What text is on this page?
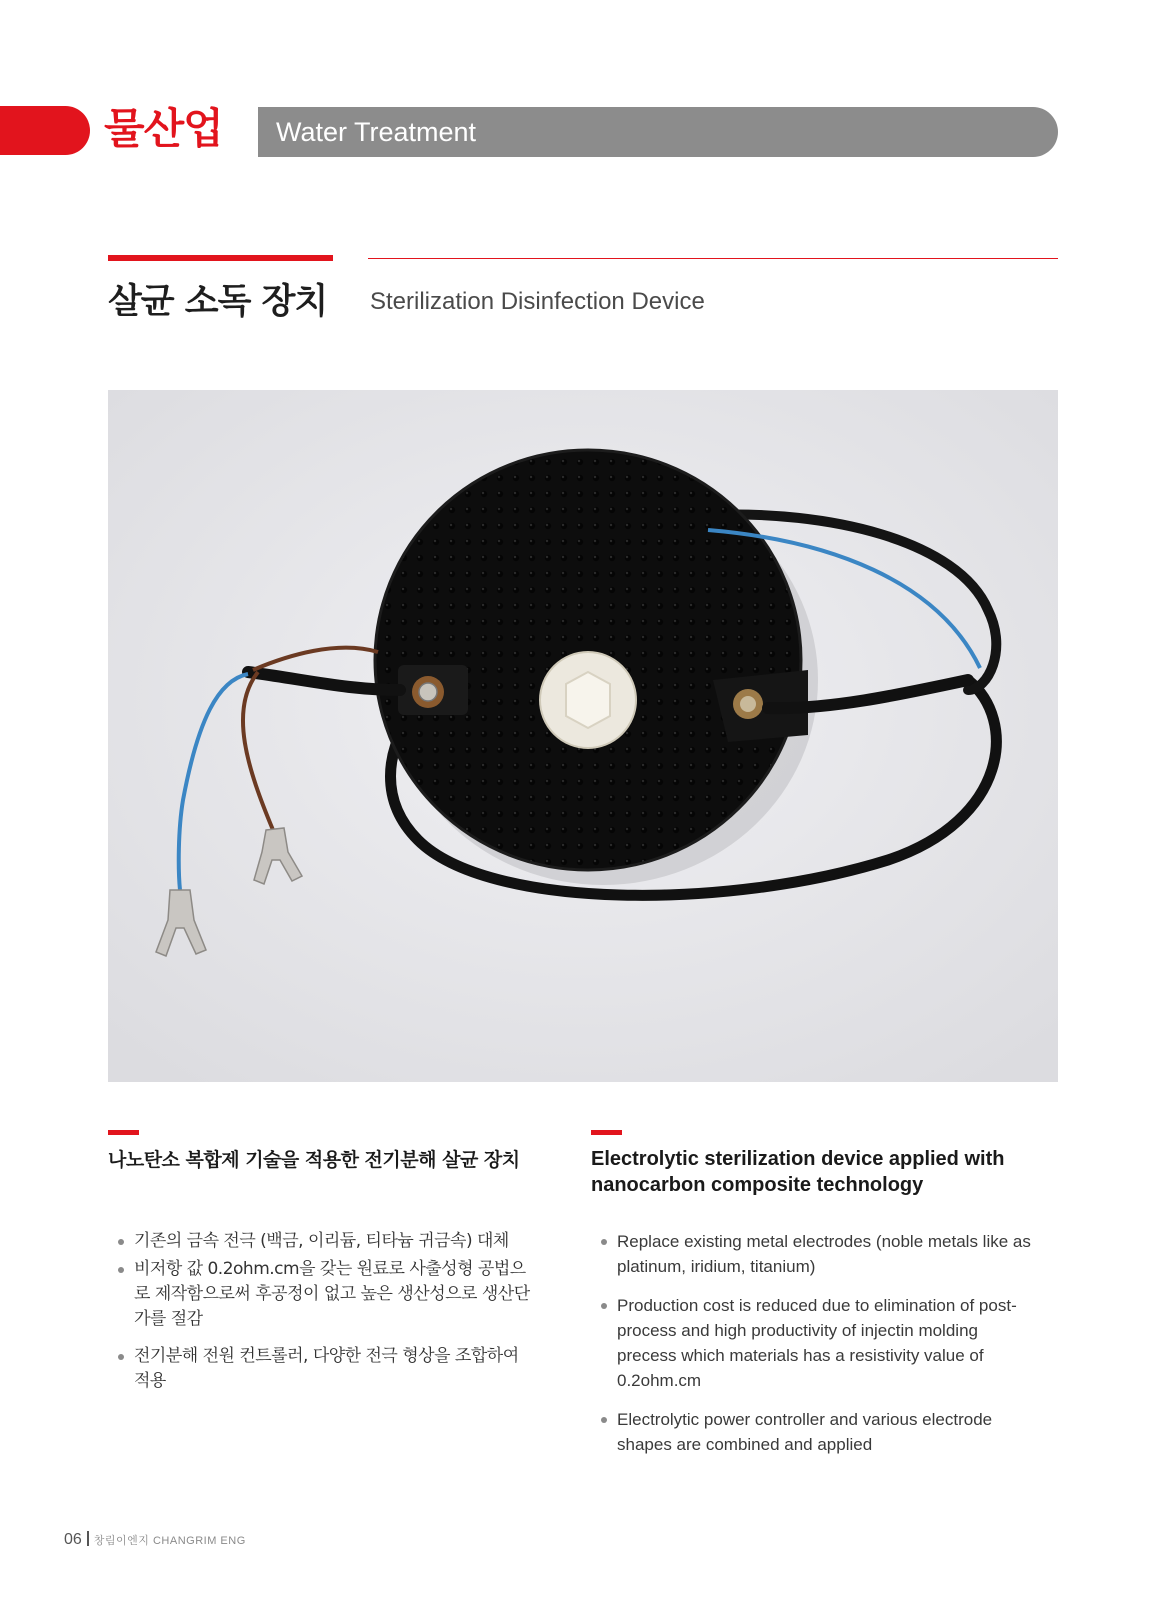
물산업 Water Treatment
살균 소독 장치 Sterilization Disinfection Device
나노탄소 복합제 기술을 적용한 전기분해 살균 장치
기존의 금속 전극 (백금, 이리듐, 티타늄 귀금속) 대체
비저항 값 0.2ohm.cm을 갖는 원료로 사출성형 공법으로 제작함으로써 후공정이 없고 높은 생산성으로 생산단가를 절감
전기분해 전원 컨트롤러, 다양한 전극 형상을 조합하여 적용
Electrolytic sterilization device applied with nanocarbon composite technology
Replace existing metal electrodes (noble metals like as platinum, iridium, titanium)
Production cost is reduced due to elimination of post-process and high productivity of injectin molding precess which materials has a resistivity value of 0.2ohm.cm
Electrolytic power controller and various electrode shapes are combined and applied
06 창림이엔지 CHANGRIM ENG
